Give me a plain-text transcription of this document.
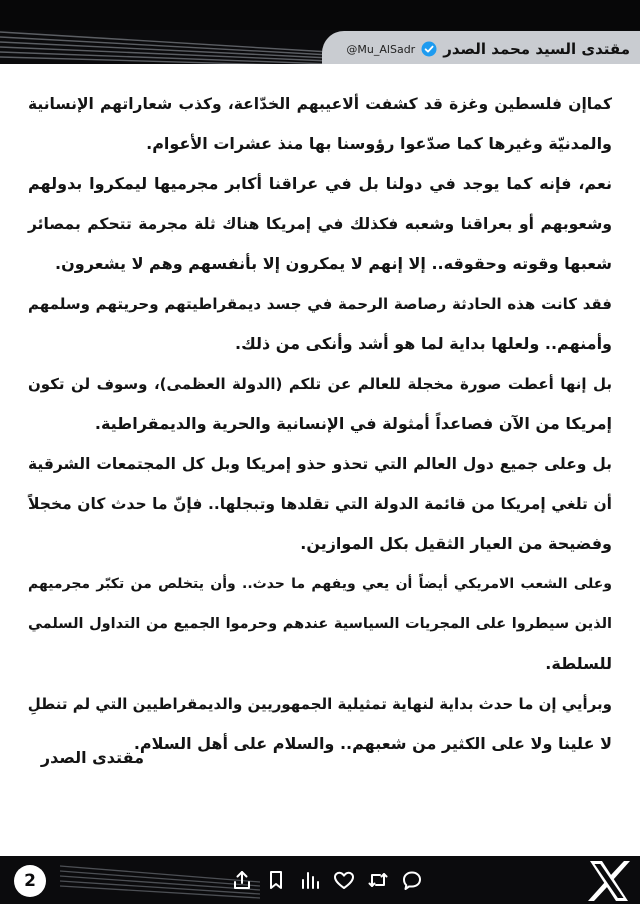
@Mu_AlSadr مقتدى السيد محمد الصدر
كماإن فلسطين وغزة قد كشفت ألاعيبهم الخدّاعة، وكذب شعاراتهم الإنسانية
والمدنيّة وغيرها كما صدّعوا رؤوسنا بها منذ عشرات الأعوام.
نعم، فإنه كما يوجد في دولنا بل في عراقنا أكابر مجرميها ليمكروا بدولهم
وشعوبهم أو بعراقنا وشعبه فكذلك في إمريكا هناك ثلة مجرمة تتحكم بمصائر
شعبها وقوته وحقوقه.. إلا إنهم لا يمكرون إلا بأنفسهم وهم لا يشعرون.
فقد كانت هذه الحادثة رصاصة الرحمة في جسد ديمقراطيتهم وحريتهم وسلمهم
وأمنهم.. ولعلها بداية لما هو أشد وأنكى من ذلك.
بل إنها أعطت صورة مخجلة للعالم عن تلكم (الدولة العظمى)، وسوف لن تكون
إمريكا من الآن فصاعداً أمثولة في الإنسانية والحرية والديمقراطية.
بل وعلى جميع دول العالم التي تحذو حذو إمريكا وبل كل المجتمعات الشرقية
أن تلغي إمريكا من قائمة الدولة التي تقلدها وتبجلها.. فإنّ ما حدث كان مخجلاً
وفضيحة من العيار الثقيل بكل الموازين.
وعلى الشعب الامريكي أيضاً أن يعي ويفهم ما حدث.. وأن يتخلص من تكبّر مجرميهم
الذين سيطروا على المجريات السياسية عندهم وحرموا الجميع من التداول السلمي
للسلطة.
وبرأيي إن ما حدث بداية لنهاية تمثيلية الجمهوريين والديمقراطيين التي لم تنطلِ
لا علينا ولا على الكثير من شعبهم.. والسلام على أهل السلام.
مقتدى الصدر
2
